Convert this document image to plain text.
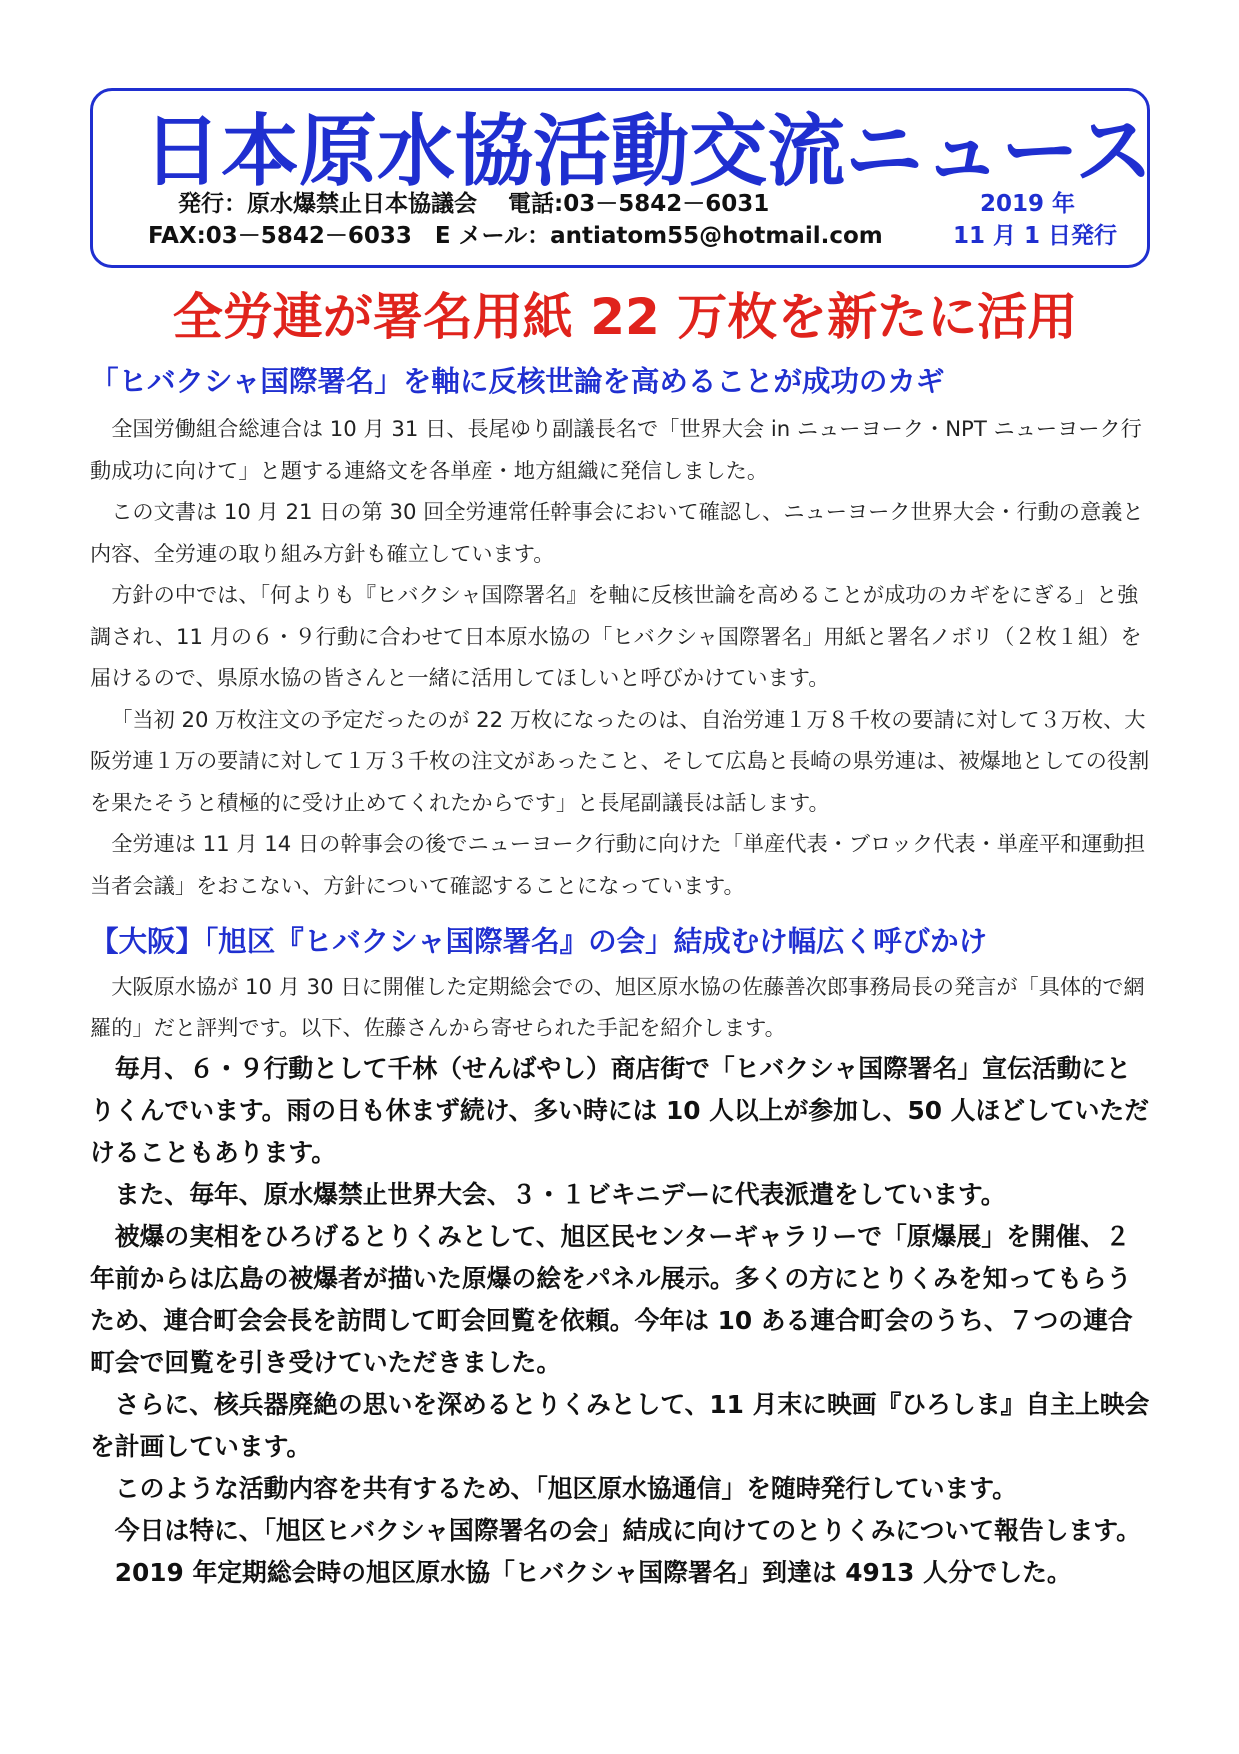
日本原水協活動交流ニュース
発行：原水爆禁止日本協議会　 電話:03－5842－6031
FAX:03－5842－6033　E メール：antiatom55@hotmail.com
2019 年
11 月 1 日発行
全労連が署名用紙 22 万枚を新たに活用
「ヒバクシャ国際署名」を軸に反核世論を高めることが成功のカギ

全国労働組合総連合は 10 月 31 日、長尾ゆり副議長名で「世界大会 in ニューヨーク・NPT ニューヨーク行動成功に向けて」と題する連絡文を各単産・地方組織に発信しました。

この文書は 10 月 21 日の第 30 回全労連常任幹事会において確認し、ニューヨーク世界大会・行動の意義と内容、全労連の取り組み方針も確立しています。

方針の中では、「何よりも『ヒバクシャ国際署名』を軸に反核世論を高めることが成功のカギをにぎる」と強調され、11 月の６・９行動に合わせて日本原水協の「ヒバクシャ国際署名」用紙と署名ノボリ（２枚１組）を届けるので、県原水協の皆さんと一緒に活用してほしいと呼びかけています。

「当初 20 万枚注文の予定だったのが 22 万枚になったのは、自治労連１万８千枚の要請に対して３万枚、大阪労連１万の要請に対して１万３千枚の注文があったこと、そして広島と長崎の県労連は、被爆地としての役割を果たそうと積極的に受け止めてくれたからです」と長尾副議長は話します。

全労連は 11 月 14 日の幹事会の後でニューヨーク行動に向けた「単産代表・ブロック代表・単産平和運動担当者会議」をおこない、方針について確認することになっています。

【大阪】「旭区『ヒバクシャ国際署名』の会」結成むけ幅広く呼びかけ

大阪原水協が 10 月 30 日に開催した定期総会での、旭区原水協の佐藤善次郎事務局長の発言が「具体的で網羅的」だと評判です。以下、佐藤さんから寄せられた手記を紹介します。

毎月、６・９行動として千林（せんばやし）商店街で「ヒバクシャ国際署名」宣伝活動にとりくんでいます。雨の日も休まず続け、多い時には 10 人以上が参加し、50 人ほどしていただけることもあります。

また、毎年、原水爆禁止世界大会、３・１ビキニデーに代表派遣をしています。

被爆の実相をひろげるとりくみとして、旭区民センターギャラリーで「原爆展」を開催、２年前からは広島の被爆者が描いた原爆の絵をパネル展示。多くの方にとりくみを知ってもらうため、連合町会会長を訪問して町会回覧を依頼。今年は 10 ある連合町会のうち、７つの連合町会で回覧を引き受けていただきました。

さらに、核兵器廃絶の思いを深めるとりくみとして、11 月末に映画『ひろしま』自主上映会を計画しています。

このような活動内容を共有するため、「旭区原水協通信」を随時発行しています。

今日は特に、「旭区ヒバクシャ国際署名の会」結成に向けてのとりくみについて報告します。

2019 年定期総会時の旭区原水協「ヒバクシャ国際署名」到達は 4913 人分でした。
